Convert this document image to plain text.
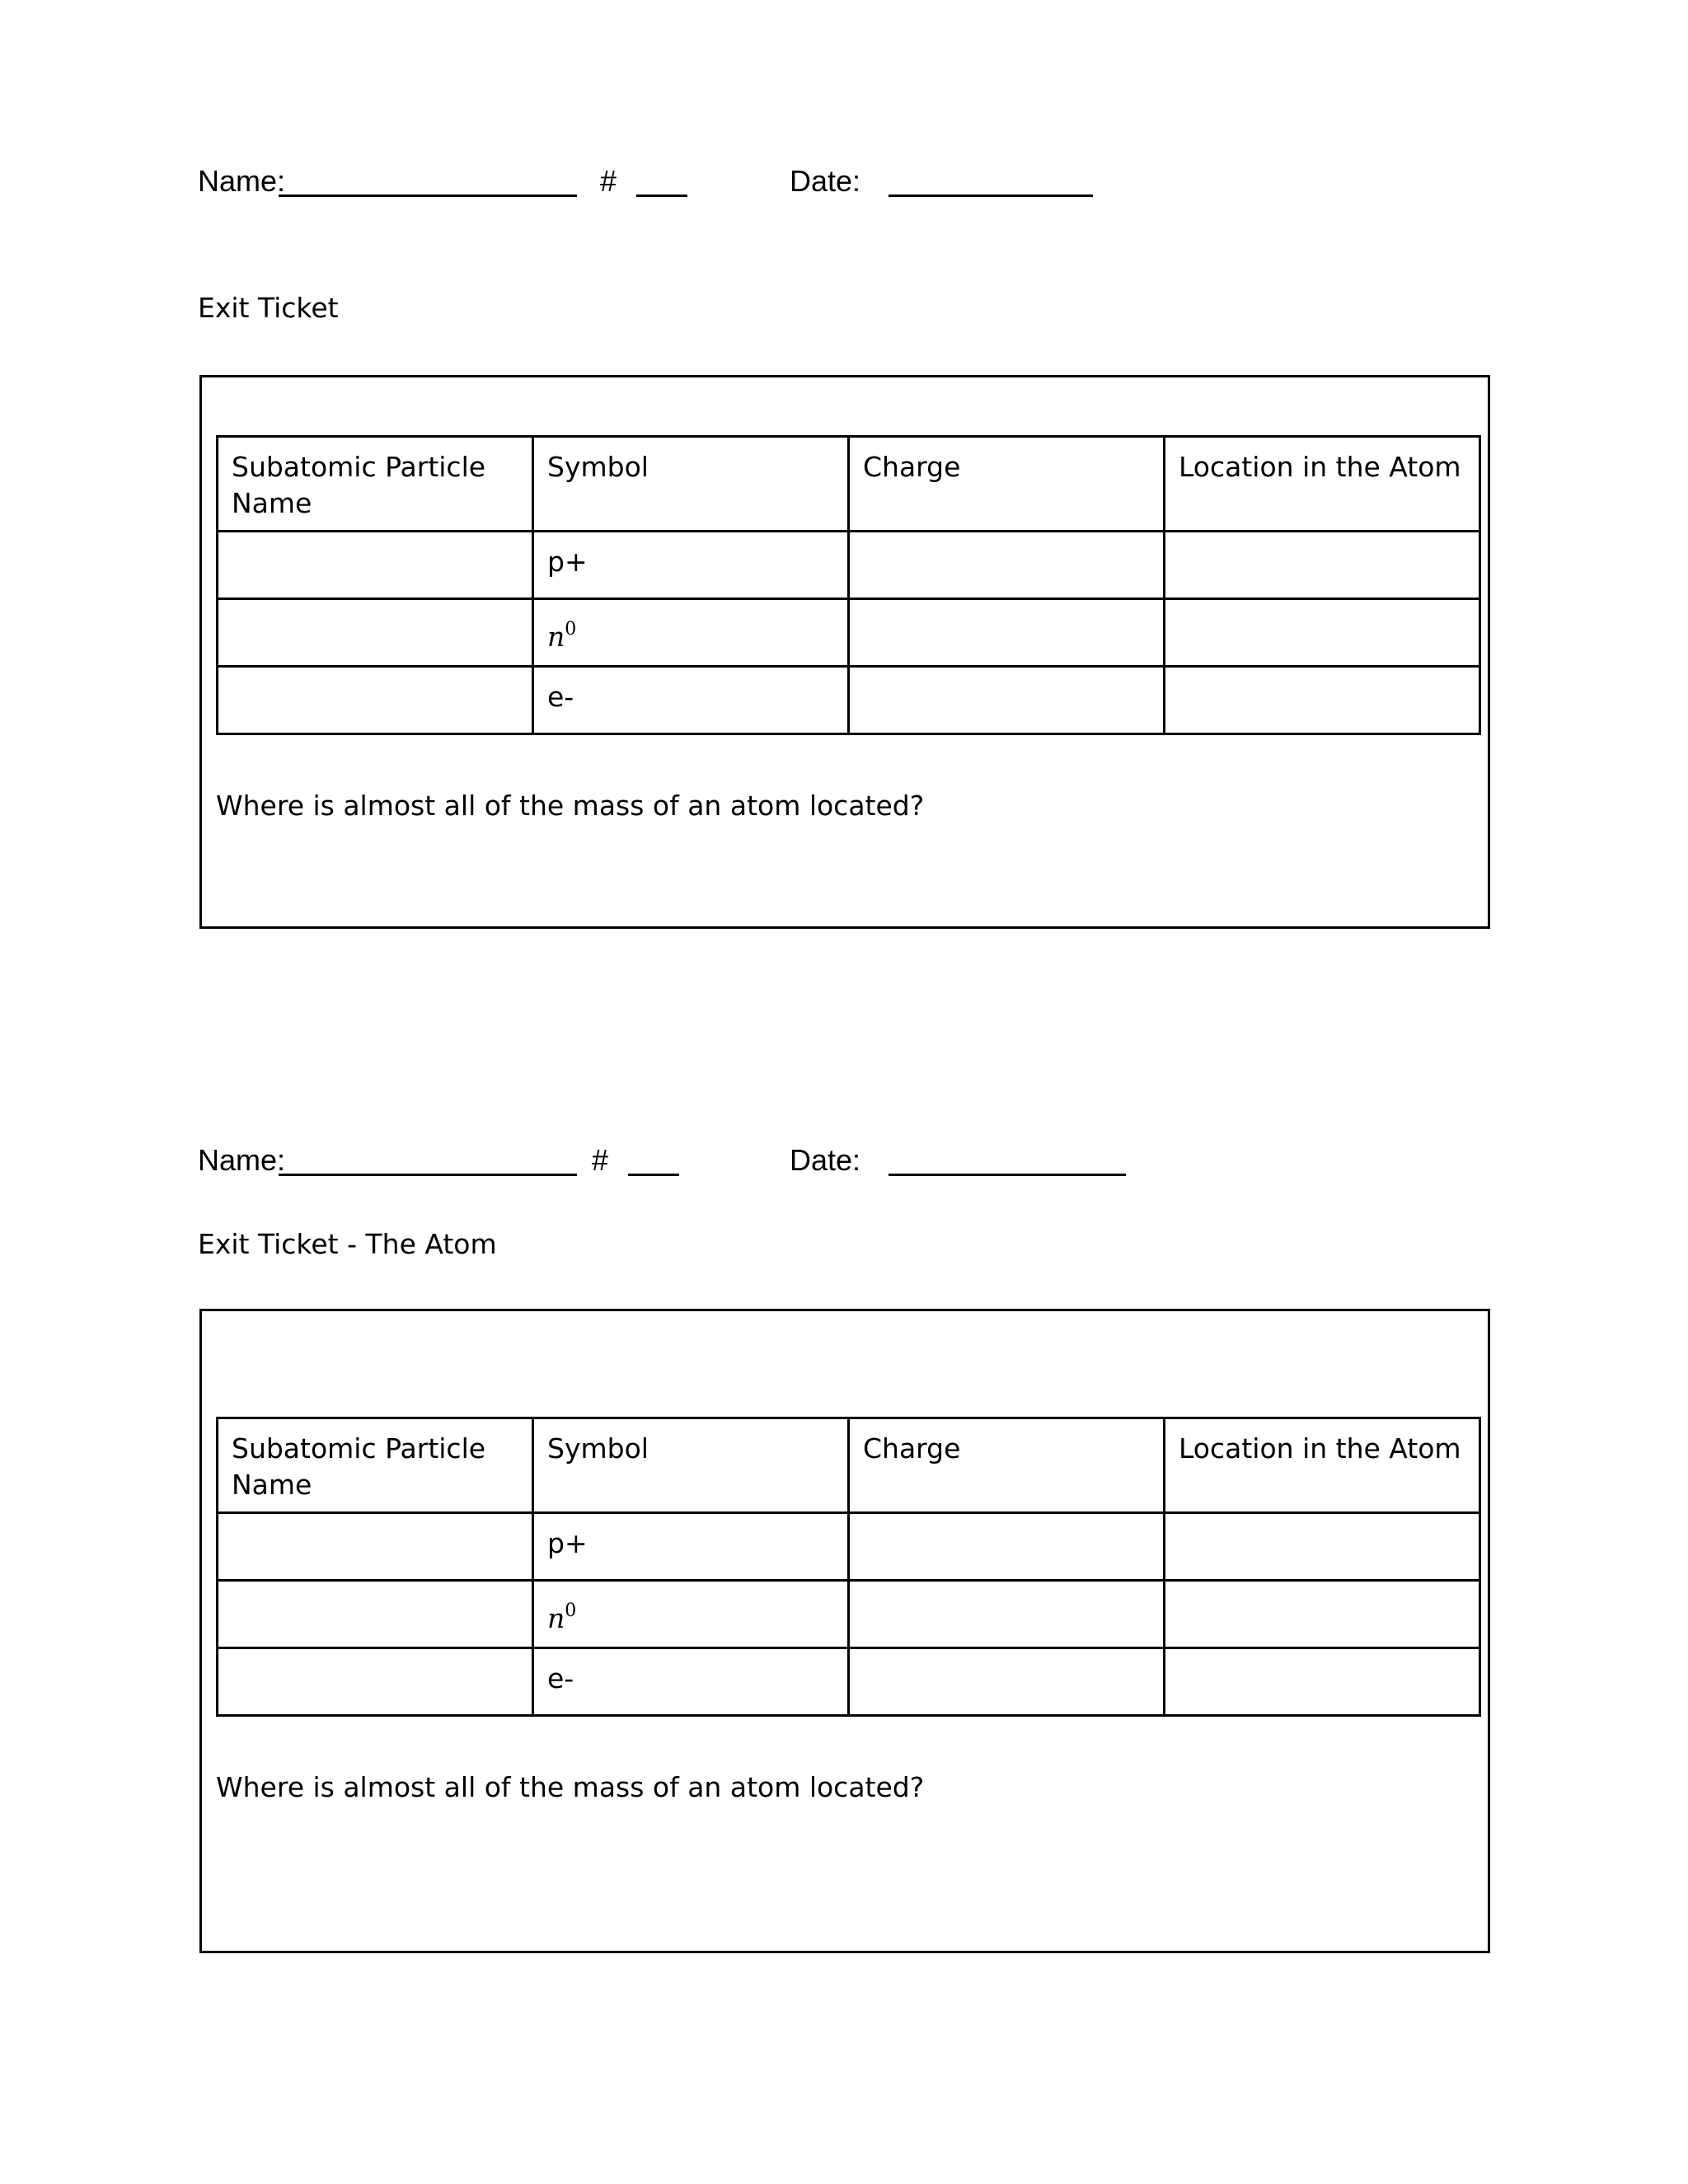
Name:	#	Date:
Exit Ticket
Subatomic Particle Name	Symbol	Charge	Location in the Atom
	p+		
	$n^0$		
	e-		
Where is almost all of the mass of an atom located?
Name:	#	Date:
Exit Ticket - The Atom
Subatomic Particle Name	Symbol	Charge	Location in the Atom
	p+		
	$n^0$		
	e-		
Where is almost all of the mass of an atom located?
